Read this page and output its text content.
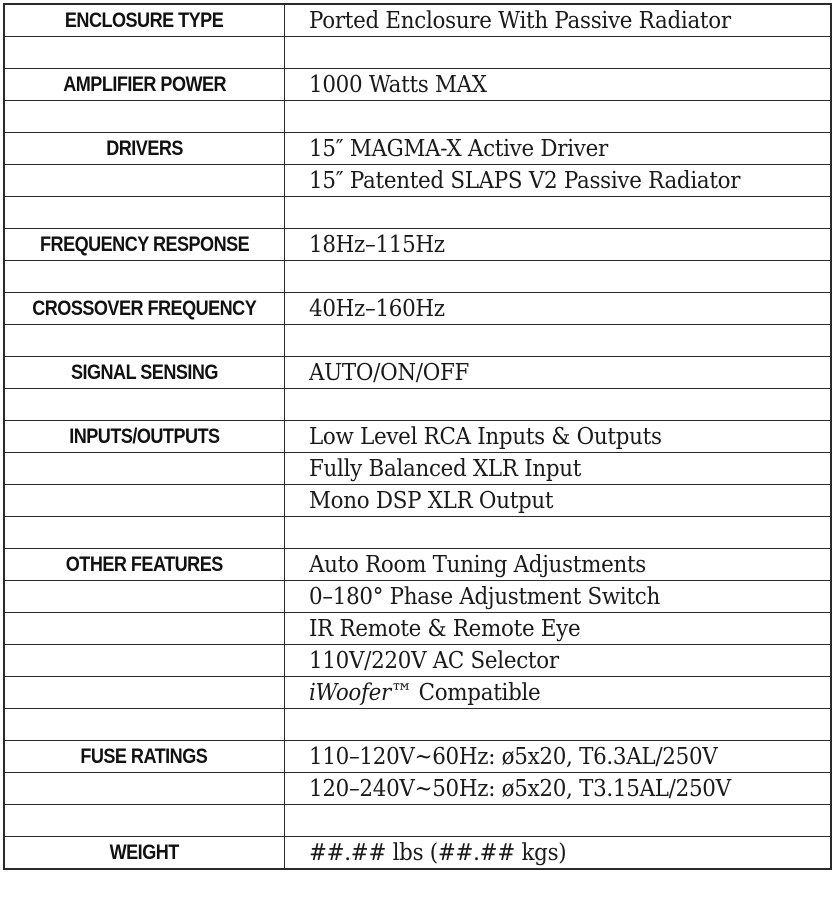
ENCLOSURE TYPE	Ported Enclosure With Passive Radiator

AMPLIFIER POWER	1000 Watts MAX

DRIVERS	15″ MAGMA-X Active Driver
	15″ Patented SLAPS V2 Passive Radiator

FREQUENCY RESPONSE	18Hz–115Hz

CROSSOVER FREQUENCY	40Hz–160Hz

SIGNAL SENSING	AUTO/ON/OFF

INPUTS/OUTPUTS	Low Level RCA Inputs & Outputs
	Fully Balanced XLR Input
	Mono DSP XLR Output

OTHER FEATURES	Auto Room Tuning Adjustments
	0–180° Phase Adjustment Switch
	IR Remote & Remote Eye
	110V/220V AC Selector
	iWoofer™ Compatible

FUSE RATINGS	110–120V~60Hz: ø5x20, T6.3AL/250V
	120–240V~50Hz: ø5x20, T3.15AL/250V

WEIGHT	##.## lbs (##.## kgs)
